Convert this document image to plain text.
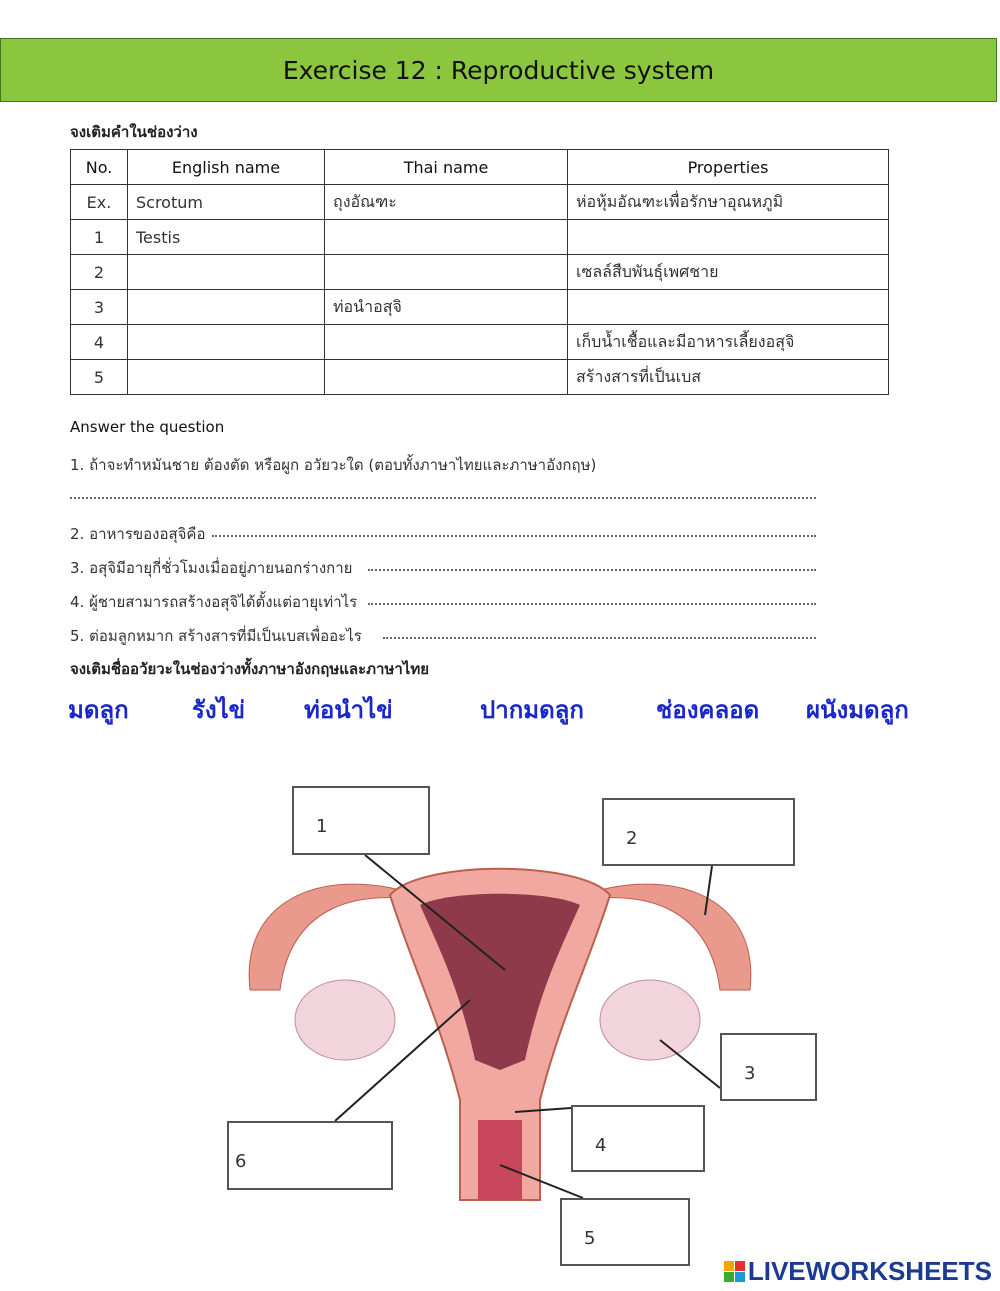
Exercise 12 : Reproductive system
จงเติมคำในช่องว่าง
No.	English name	Thai name	Properties
Ex.	Scrotum	ถุงอัณฑะ	ห่อหุ้มอัณฑะเพื่อรักษาอุณหภูมิ
1	Testis		
2			เซลล์สืบพันธุ์เพศชาย
3		ท่อนำอสุจิ	
4			เก็บน้ำเชื้อและมีอาหารเลี้ยงอสุจิ
5			สร้างสารที่เป็นเบส
Answer the question
1. ถ้าจะทำหมันชาย ต้องตัด หรือผูก อวัยวะใด (ตอบทั้งภาษาไทยและภาษาอังกฤษ)
2. อาหารของอสุจิคือ
3. อสุจิมีอายุกี่ชั่วโมงเมื่ออยู่ภายนอกร่างกาย
4. ผู้ชายสามารถสร้างอสุจิได้ตั้งแต่อายุเท่าไร
5. ต่อมลูกหมาก สร้างสารที่มีเป็นเบสเพื่ออะไร
จงเติมชื่ออวัยวะในช่องว่างทั้งภาษาอังกฤษและภาษาไทย
มดลูก	รังไข่ ท่อนำไข่	ปากมดลูก	ช่องคลอด ผนังมดลูก
1
2
3
4
5
6
LIVEWORKSHEETS
